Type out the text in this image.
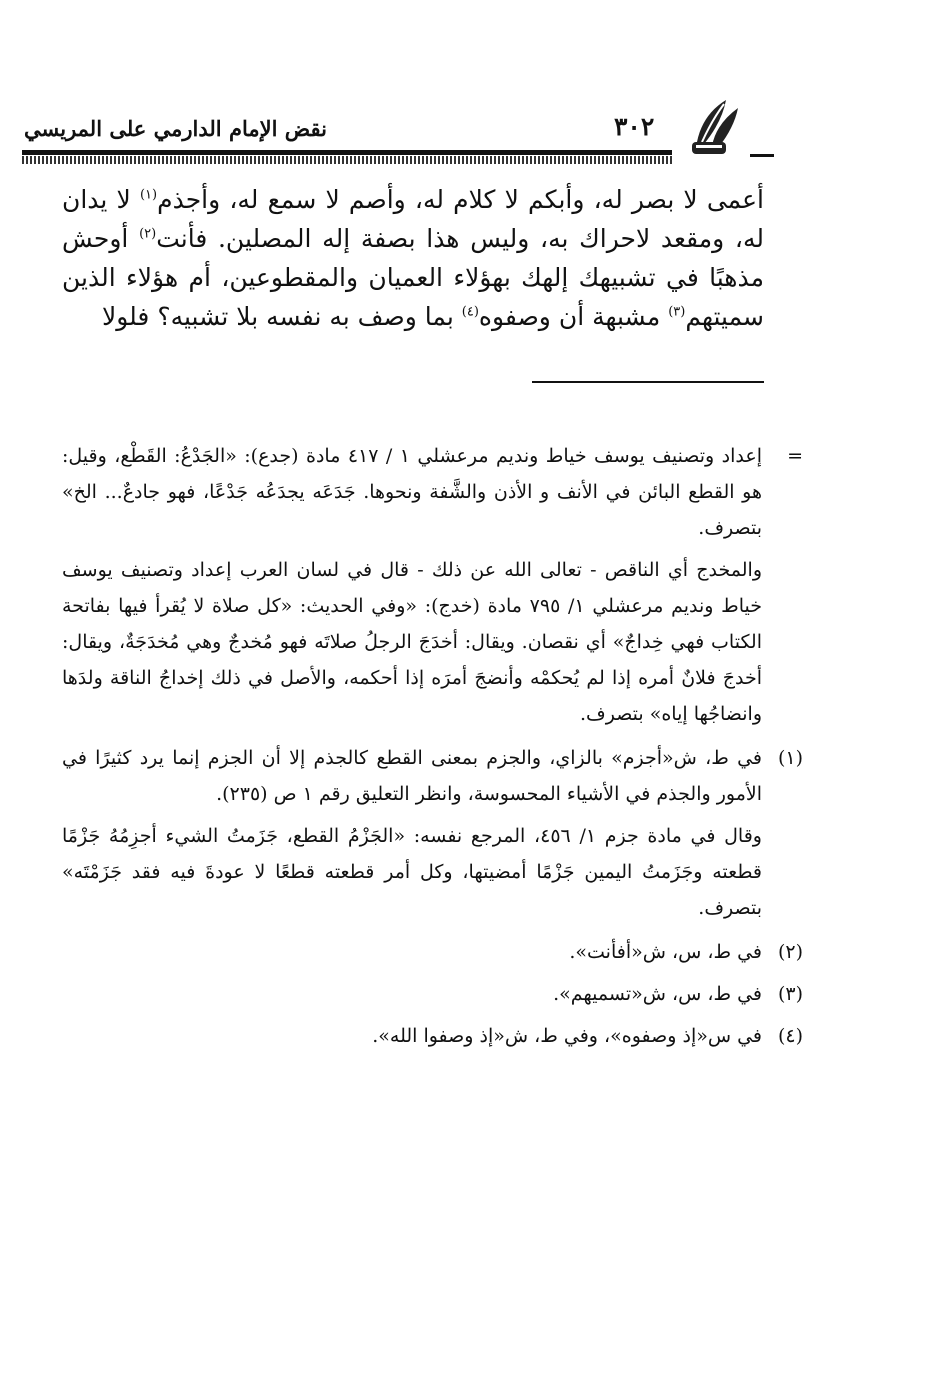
٣٠٢
نقض الإمام الدارمي على المريسي

أعمى لا بصر له، وأبكم لا كلام له، وأصم لا سمع له، وأجذم$^{(١)}$ لا يدان له، ومقعد لاحراك به، وليس هذا بصفة إله المصلين. فأنت$^{(٢)}$ أوحش مذهبًا في تشبيهك إلهك بهؤلاء العميان والمقطوعين، أم هؤلاء الذين سميتهم$^{(٣)}$ مشبهة أن وصفوه$^{(٤)}$ بما وصف به نفسه بلا تشبيه؟ فلولا

=

إعداد وتصنيف يوسف خياط ونديم مرعشلي ١ / ٤١٧ مادة (جدع): «الجَدْعُ: القَطْع، وقيل: هو القطع البائن في الأنف و الأذن والشَّفة ونحوها. جَدَعَه يجدَعُه جَدْعًا، فهو جادعٌ... الخ» بتصرف.

والمخدج أي الناقص - تعالى الله عن ذلك - قال في لسان العرب إعداد وتصنيف يوسف خياط ونديم مرعشلي ١/ ٧٩٥ مادة (خدج): «وفي الحديث: «كل صلاة لا يُقرأ فيها بفاتحة الكتاب فهي خِداجٌ» أي نقصان. ويقال: أخدَجَ الرجلُ صلاتَه فهو مُخدجٌ وهي مُخدَجَةٌ، ويقال: أخدجَ فلانٌ أمره إذا لم يُحكمْه وأنضجَ أمرَه إذا أحكمه، والأصل في ذلك إخداجُ الناقة ولدَها وانضاجُها إياه» بتصرف.

(١)

في ط، ش«أجزم» بالزاي، والجزم بمعنى القطع كالجذم إلا أن الجزم إنما يرد كثيرًا في الأمور والجذم في الأشياء المحسوسة، وانظر التعليق رقم ١ ص (٢٣٥).

وقال في مادة جزم ١/ ٤٥٦، المرجع نفسه: «الجَزْمُ القطع، جَزَمتُ الشيء أجزِمُهُ جَزْمًا قطعته وجَزَمتُ اليمين جَزْمًا أمضيتها، وكل أمر قطعته قطعًا لا عودةَ فيه فقد جَزَمْتَه» بتصرف.

(٢)

في ط، س، ش«أفأنت».

(٣)

في ط، س، ش«تسميهم».

(٤)

في س«إذ وصفوه»، وفي ط، ش«إذ وصفوا الله».
